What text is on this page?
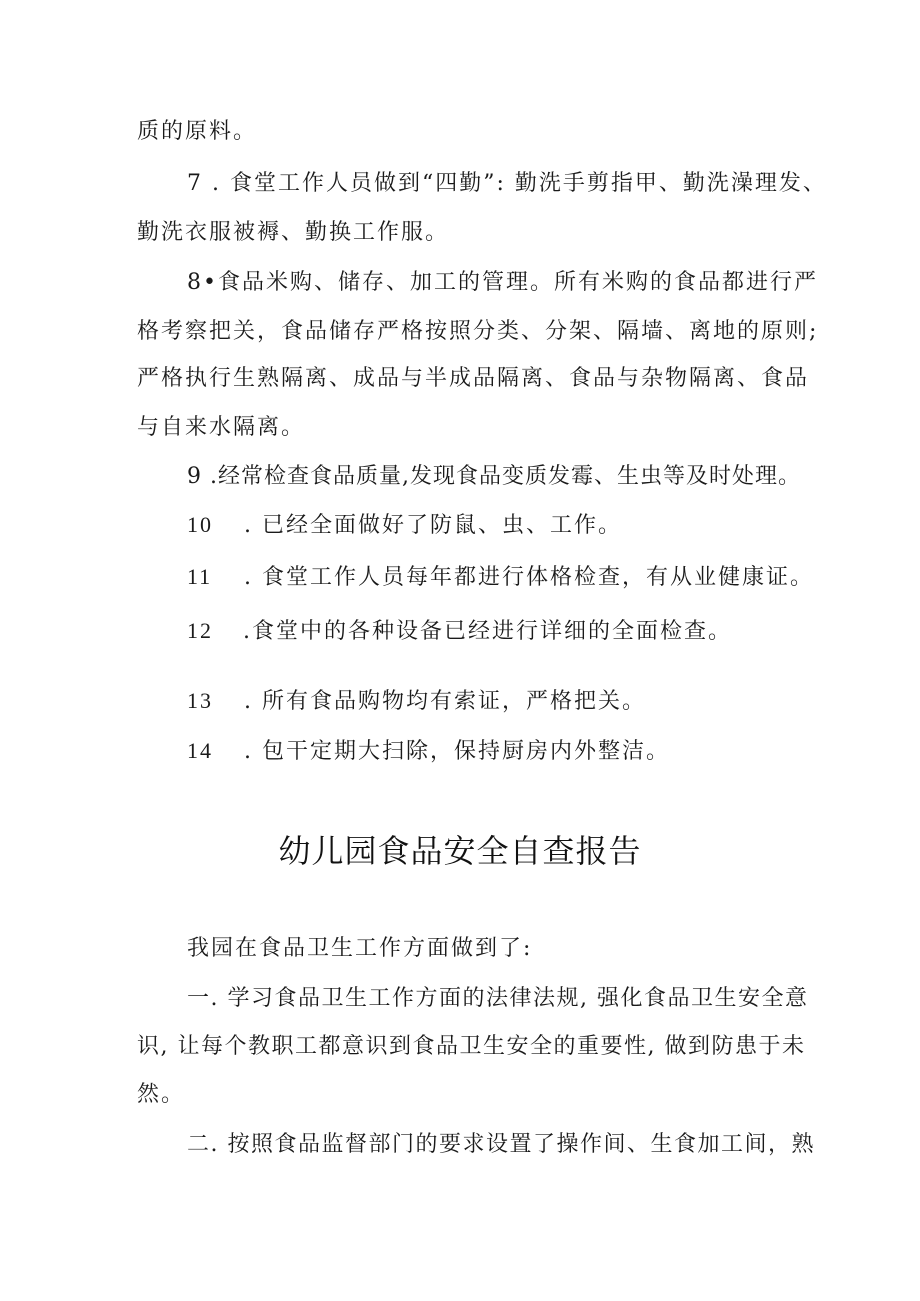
质的原料。
7 . 食堂工作人员做到“四勤”: 勤洗手剪指甲、勤洗澡理发、
勤洗衣服被褥、勤换工作服。
8•食品米购、储存、加工的管理。所有米购的食品都进行严
格考察把关，食品储存严格按照分类、分架、隔墙、离地的原则;
严格执行生熟隔离、成品与半成品隔离、食品与杂物隔离、食品
与自来水隔离。
9 .经常检查食品质量,发现食品变质发霉、生虫等及时处理。
10 . 已经全面做好了防鼠、虫、工作。
11 . 食堂工作人员每年都进行体格检查，有从业健康证。
12 .食堂中的各种设备已经进行详细的全面检查。
13 . 所有食品购物均有索证，严格把关。
14 . 包干定期大扫除，保持厨房内外整洁。
幼儿园食品安全自查报告
我园在食品卫生工作方面做到了:
一. 学习食品卫生工作方面的法律法规, 强化食品卫生安全意
识, 让每个教职工都意识到食品卫生安全的重要性, 做到防患于未
然。
二. 按照食品监督部门的要求设置了操作间、生食加工间，熟
